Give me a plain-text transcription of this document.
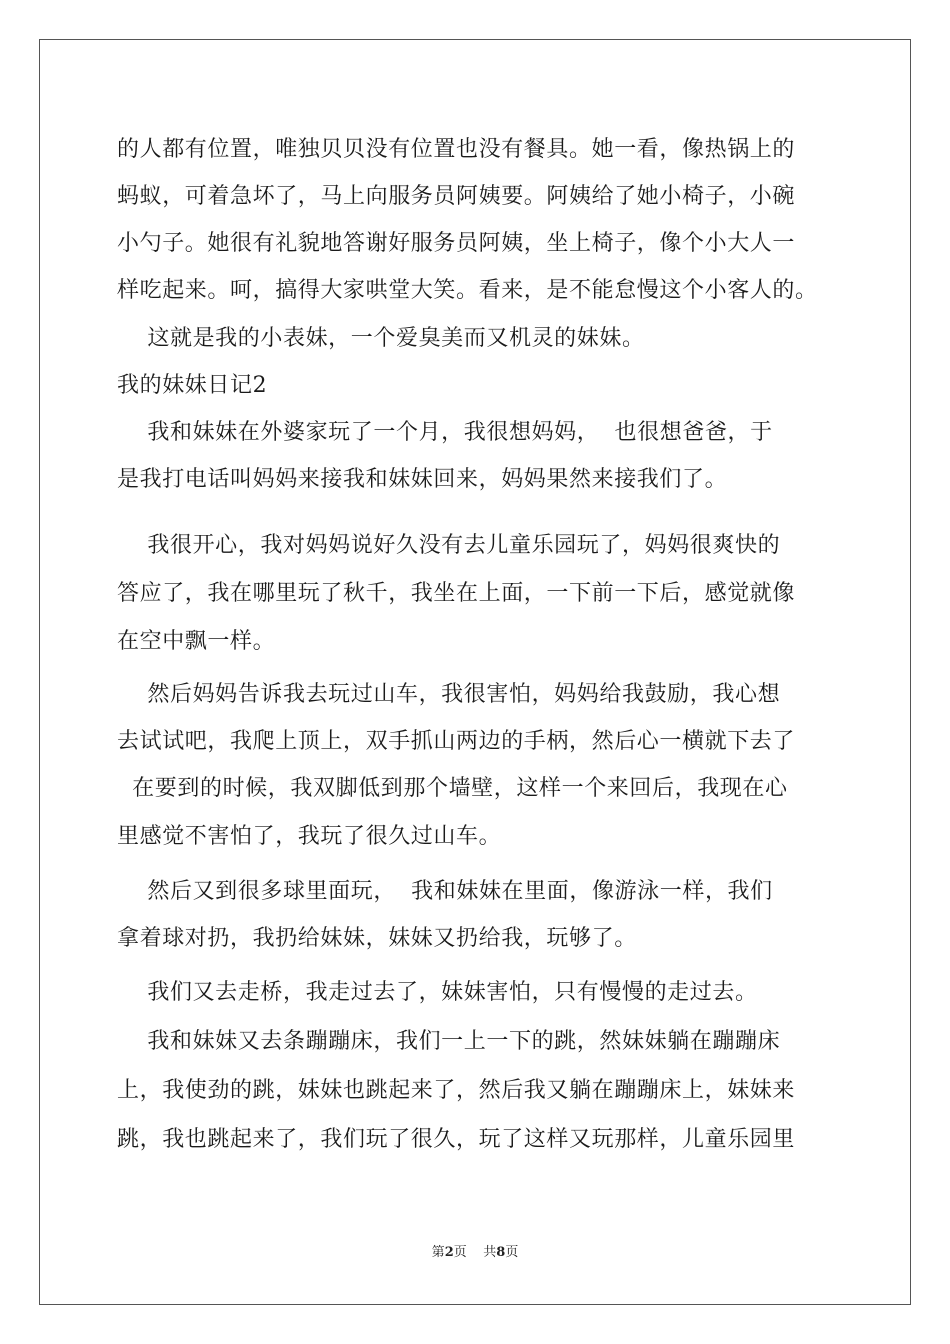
的人都有位置，唯独贝贝没有位置也没有餐具。她一看，像热锅上的
蚂蚁，可着急坏了，马上向服务员阿姨要。阿姨给了她小椅子，小碗
小勺子。她很有礼貌地答谢好服务员阿姨，坐上椅子，像个小大人一
样吃起来。呵，搞得大家哄堂大笑。看来，是不能怠慢这个小客人的。
这就是我的小表妹，一个爱臭美而又机灵的妹妹。
我的妹妹日记2
我和妹妹在外婆家玩了一个月，我很想妈妈，  也很想爸爸，于
是我打电话叫妈妈来接我和妹妹回来，妈妈果然来接我们了。
我很开心，我对妈妈说好久没有去儿童乐园玩了，妈妈很爽快的
答应了，我在哪里玩了秋千，我坐在上面，一下前一下后，感觉就像
在空中飘一样。
然后妈妈告诉我去玩过山车，我很害怕，妈妈给我鼓励，我心想
去试试吧，我爬上顶上，双手抓山两边的手柄，然后心一横就下去了
在要到的时候，我双脚低到那个墙壁，这样一个来回后，我现在心
里感觉不害怕了，我玩了很久过山车。
然后又到很多球里面玩，  我和妹妹在里面，像游泳一样，我们
拿着球对扔，我扔给妹妹，妹妹又扔给我，玩够了。
我们又去走桥，我走过去了，妹妹害怕，只有慢慢的走过去。
我和妹妹又去条蹦蹦床，我们一上一下的跳，然妹妹躺在蹦蹦床
上，我使劲的跳，妹妹也跳起来了，然后我又躺在蹦蹦床上，妹妹来
跳，我也跳起来了，我们玩了很久，玩了这样又玩那样，儿童乐园里
第2页    共8页
